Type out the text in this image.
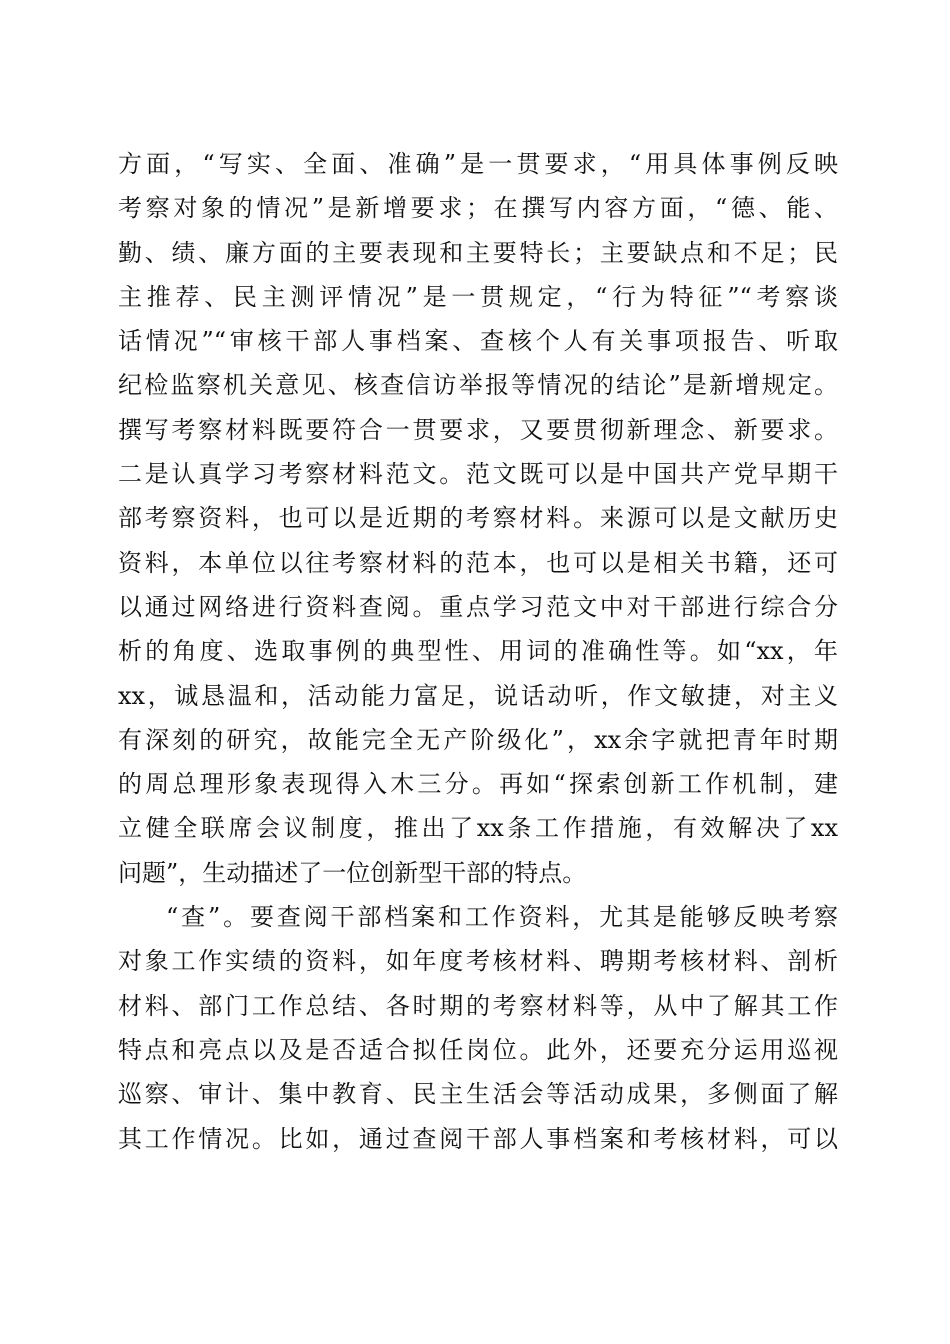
方面，“写实、全面、准确”是一贯要求，“用具体事例反映
考察对象的情况”是新增要求；在撰写内容方面，“德、能、
勤、绩、廉方面的主要表现和主要特长；主要缺点和不足；民
主推荐、民主测评情况”是一贯规定，“行为特征”“考察谈
话情况”“审核干部人事档案、查核个人有关事项报告、听取
纪检监察机关意见、核查信访举报等情况的结论”是新增规定。
撰写考察材料既要符合一贯要求，又要贯彻新理念、新要求。
二是认真学习考察材料范文。范文既可以是中国共产党早期干
部考察资料，也可以是近期的考察材料。来源可以是文献历史
资料，本单位以往考察材料的范本，也可以是相关书籍，还可
以通过网络进行资料查阅。重点学习范文中对干部进行综合分
析的角度、选取事例的典型性、用词的准确性等。如“xx，年
xx，诚恳温和，活动能力富足，说话动听，作文敏捷，对主义
有深刻的研究，故能完全无产阶级化”，xx余字就把青年时期
的周总理形象表现得入木三分。再如“探索创新工作机制，建
立健全联席会议制度，推出了xx条工作措施，有效解决了xx
问题”，生动描述了一位创新型干部的特点。
“查”。要查阅干部档案和工作资料，尤其是能够反映考察
对象工作实绩的资料，如年度考核材料、聘期考核材料、剖析
材料、部门工作总结、各时期的考察材料等，从中了解其工作
特点和亮点以及是否适合拟任岗位。此外，还要充分运用巡视
巡察、审计、集中教育、民主生活会等活动成果，多侧面了解
其工作情况。比如，通过查阅干部人事档案和考核材料，可以
